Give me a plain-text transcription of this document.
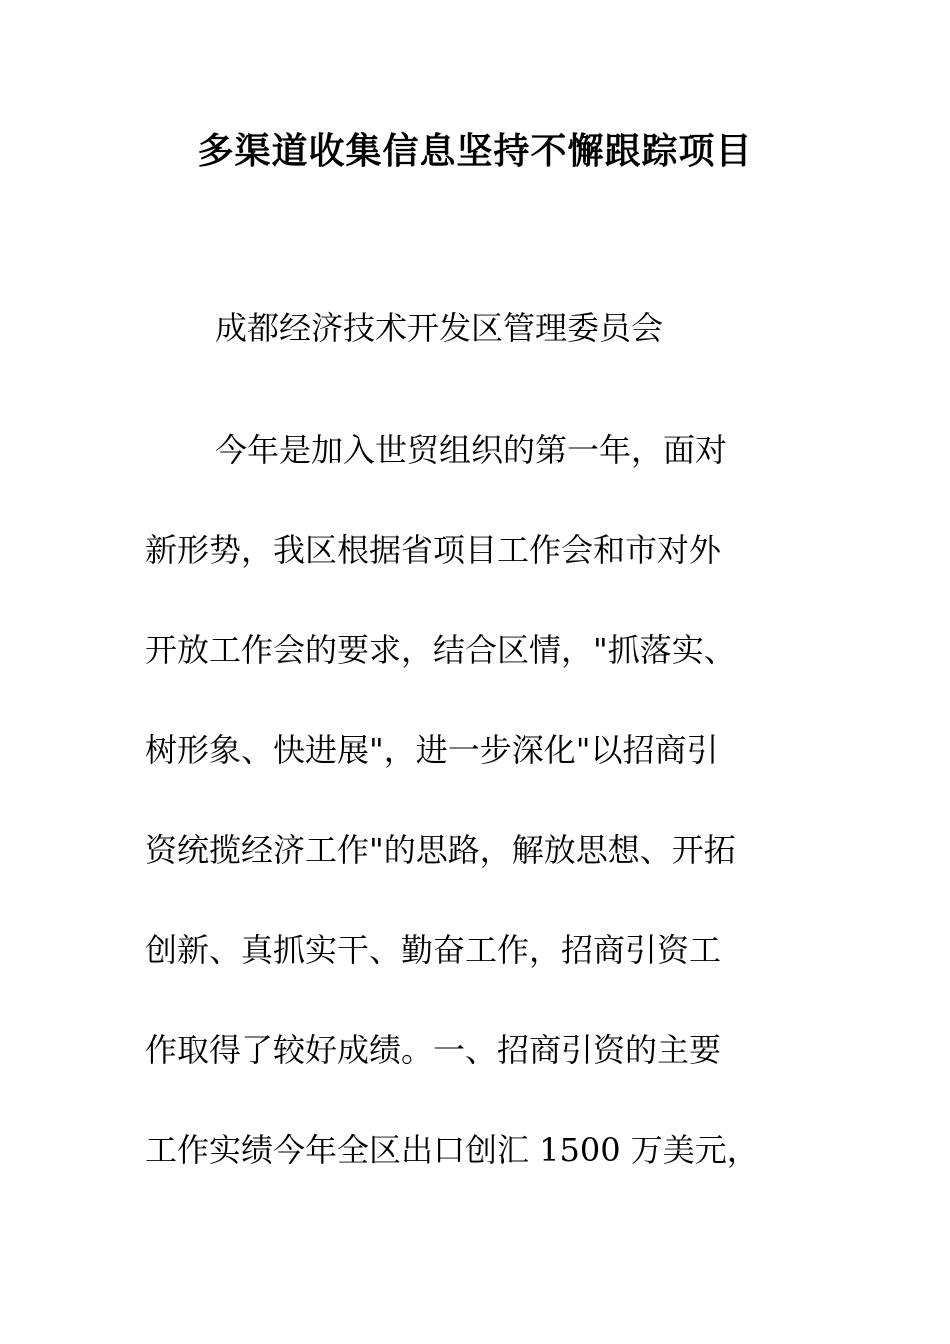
多渠道收集信息坚持不懈跟踪项目
成都经济技术开发区管理委员会
今年是加入世贸组织的第一年，面对
新形势，我区根据省项目工作会和市对外
开放工作会的要求，结合区情，"抓落实、
树形象、快进展"，进一步深化"以招商引
资统揽经济工作"的思路，解放思想、开拓
创新、真抓实干、勤奋工作，招商引资工
作取得了较好成绩。一、招商引资的主要
工作实绩今年全区出口创汇 1500 万美元，
